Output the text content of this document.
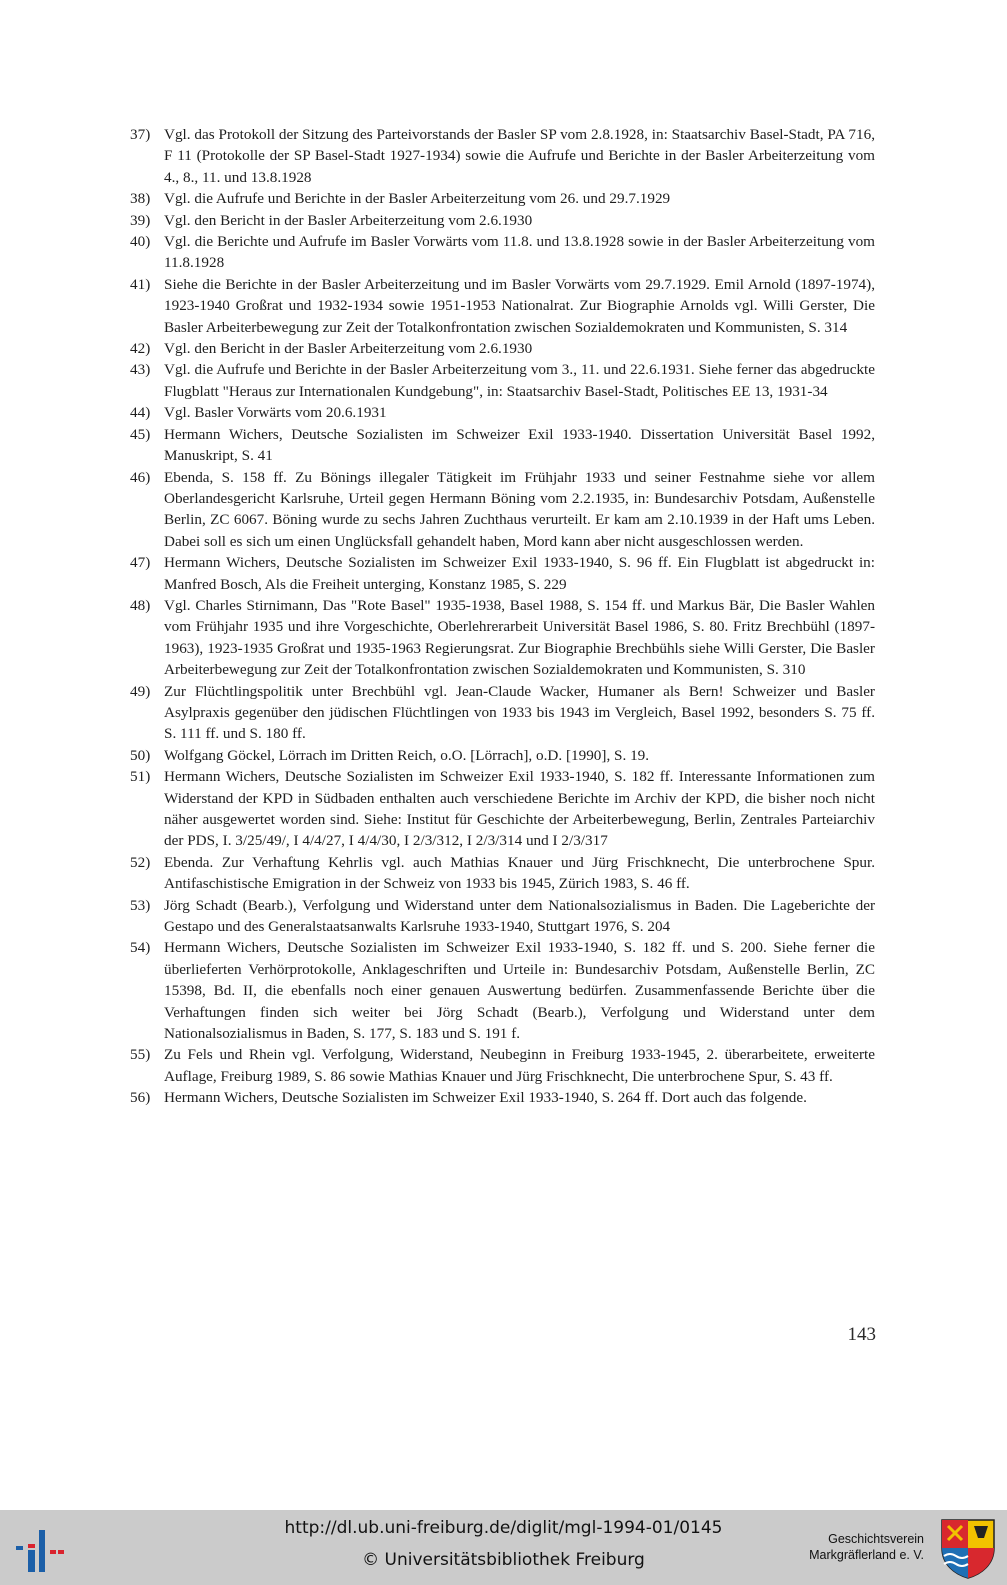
37) Vgl. das Protokoll der Sitzung des Parteivorstands der Basler SP vom 2.8.1928, in: Staatsarchiv Basel-Stadt, PA 716, F 11 (Protokolle der SP Basel-Stadt 1927-1934) sowie die Aufrufe und Berichte in der Basler Arbeiterzeitung vom 4., 8., 11. und 13.8.1928
38) Vgl. die Aufrufe und Berichte in der Basler Arbeiterzeitung vom 26. und 29.7.1929
39) Vgl. den Bericht in der Basler Arbeiterzeitung vom 2.6.1930
40) Vgl. die Berichte und Aufrufe im Basler Vorwärts vom 11.8. und 13.8.1928 sowie in der Basler Arbeiterzeitung vom 11.8.1928
41) Siehe die Berichte in der Basler Arbeiterzeitung und im Basler Vorwärts vom 29.7.1929. Emil Arnold (1897-1974), 1923-1940 Großrat und 1932-1934 sowie 1951-1953 Nationalrat. Zur Biographie Arnolds vgl. Willi Gerster, Die Basler Arbeiterbewegung zur Zeit der Totalkonfrontation zwischen Sozialdemokraten und Kommunisten, S. 314
42) Vgl. den Bericht in der Basler Arbeiterzeitung vom 2.6.1930
43) Vgl. die Aufrufe und Berichte in der Basler Arbeiterzeitung vom 3., 11. und 22.6.1931. Siehe ferner das abgedruckte Flugblatt "Heraus zur Internationalen Kundgebung", in: Staatsarchiv Basel-Stadt, Politisches EE 13, 1931-34
44) Vgl. Basler Vorwärts vom 20.6.1931
45) Hermann Wichers, Deutsche Sozialisten im Schweizer Exil 1933-1940. Dissertation Universität Basel 1992, Manuskript, S. 41
46) Ebenda, S. 158 ff. Zu Bönings illegaler Tätigkeit im Frühjahr 1933 und seiner Festnahme siehe vor allem Oberlandesgericht Karlsruhe, Urteil gegen Hermann Böning vom 2.2.1935, in: Bundesarchiv Potsdam, Außenstelle Berlin, ZC 6067. Böning wurde zu sechs Jahren Zuchthaus verurteilt. Er kam am 2.10.1939 in der Haft ums Leben. Dabei soll es sich um einen Unglücksfall gehandelt haben, Mord kann aber nicht ausgeschlossen werden.
47) Hermann Wichers, Deutsche Sozialisten im Schweizer Exil 1933-1940, S. 96 ff. Ein Flugblatt ist abgedruckt in: Manfred Bosch, Als die Freiheit unterging, Konstanz 1985, S. 229
48) Vgl. Charles Stirnimann, Das "Rote Basel" 1935-1938, Basel 1988, S. 154 ff. und Markus Bär, Die Basler Wahlen vom Frühjahr 1935 und ihre Vorgeschichte, Oberlehrerarbeit Universität Basel 1986, S. 80. Fritz Brechbühl (1897-1963), 1923-1935 Großrat und 1935-1963 Regierungsrat. Zur Biographie Brechbühls siehe Willi Gerster, Die Basler Arbeiterbewegung zur Zeit der Totalkonfrontation zwischen Sozialdemokraten und Kommunisten, S. 310
49) Zur Flüchtlingspolitik unter Brechbühl vgl. Jean-Claude Wacker, Humaner als Bern! Schweizer und Basler Asylpraxis gegenüber den jüdischen Flüchtlingen von 1933 bis 1943 im Vergleich, Basel 1992, besonders S. 75 ff. S. 111 ff. und S. 180 ff.
50) Wolfgang Göckel, Lörrach im Dritten Reich, o.O. [Lörrach], o.D. [1990], S. 19.
51) Hermann Wichers, Deutsche Sozialisten im Schweizer Exil 1933-1940, S. 182 ff. Interessante Informationen zum Widerstand der KPD in Südbaden enthalten auch verschiedene Berichte im Archiv der KPD, die bisher noch nicht näher ausgewertet worden sind. Siehe: Institut für Geschichte der Arbeiterbewegung, Berlin, Zentrales Parteiarchiv der PDS, I. 3/25/49/, I 4/4/27, I 4/4/30, I 2/3/312, I 2/3/314 und I 2/3/317
52) Ebenda. Zur Verhaftung Kehrlis vgl. auch Mathias Knauer und Jürg Frischknecht, Die unterbrochene Spur. Antifaschistische Emigration in der Schweiz von 1933 bis 1945, Zürich 1983, S. 46 ff.
53) Jörg Schadt (Bearb.), Verfolgung und Widerstand unter dem Nationalsozialismus in Baden. Die Lageberichte der Gestapo und des Generalstaatsanwalts Karlsruhe 1933-1940, Stuttgart 1976, S. 204
54) Hermann Wichers, Deutsche Sozialisten im Schweizer Exil 1933-1940, S. 182 ff. und S. 200. Siehe ferner die überlieferten Verhörprotokolle, Anklageschriften und Urteile in: Bundesarchiv Potsdam, Außenstelle Berlin, ZC 15398, Bd. II, die ebenfalls noch einer genauen Auswertung bedürfen. Zusammenfassende Berichte über die Verhaftungen finden sich weiter bei Jörg Schadt (Bearb.), Verfolgung und Widerstand unter dem Nationalsozialismus in Baden, S. 177, S. 183 und S. 191 f.
55) Zu Fels und Rhein vgl. Verfolgung, Widerstand, Neubeginn in Freiburg 1933-1945, 2. überarbeitete, erweiterte Auflage, Freiburg 1989, S. 86 sowie Mathias Knauer und Jürg Frischknecht, Die unterbrochene Spur, S. 43 ff.
56) Hermann Wichers, Deutsche Sozialisten im Schweizer Exil 1933-1940, S. 264 ff. Dort auch das folgende.
143
http://dl.ub.uni-freiburg.de/diglit/mgl-1994-01/0145
© Universitätsbibliothek Freiburg
Geschichtsverein
Markgräflerland e. V.
